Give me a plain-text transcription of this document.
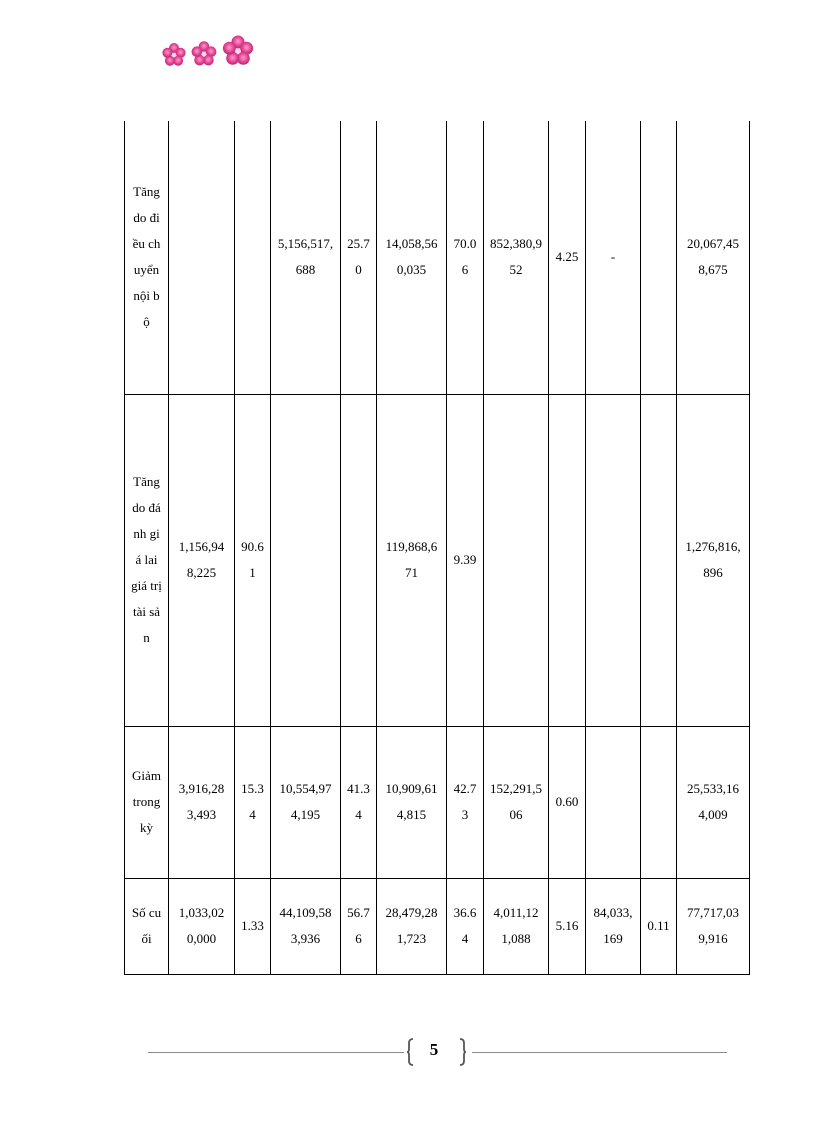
Tăng do điều chuyển nội bộ			5,156,517,688	25.70	14,058,560,035	70.06	852,380,952	4.25	-		20,067,458,675
Tăng do đánh giá lai giá trị tài sản	1,156,948,225	90.61			119,868,671	9.39					1,276,816,896
Giảm trong kỳ	3,916,283,493	15.34	10,554,974,195	41.34	10,909,614,815	42.73	152,291,506	0.60			25,533,164,009
Số cuối	1,033,020,000	1.33	44,109,583,936	56.76	28,479,281,723	36.64	4,011,121,088	5.16	84,033,169	0.11	77,717,039,916
5
